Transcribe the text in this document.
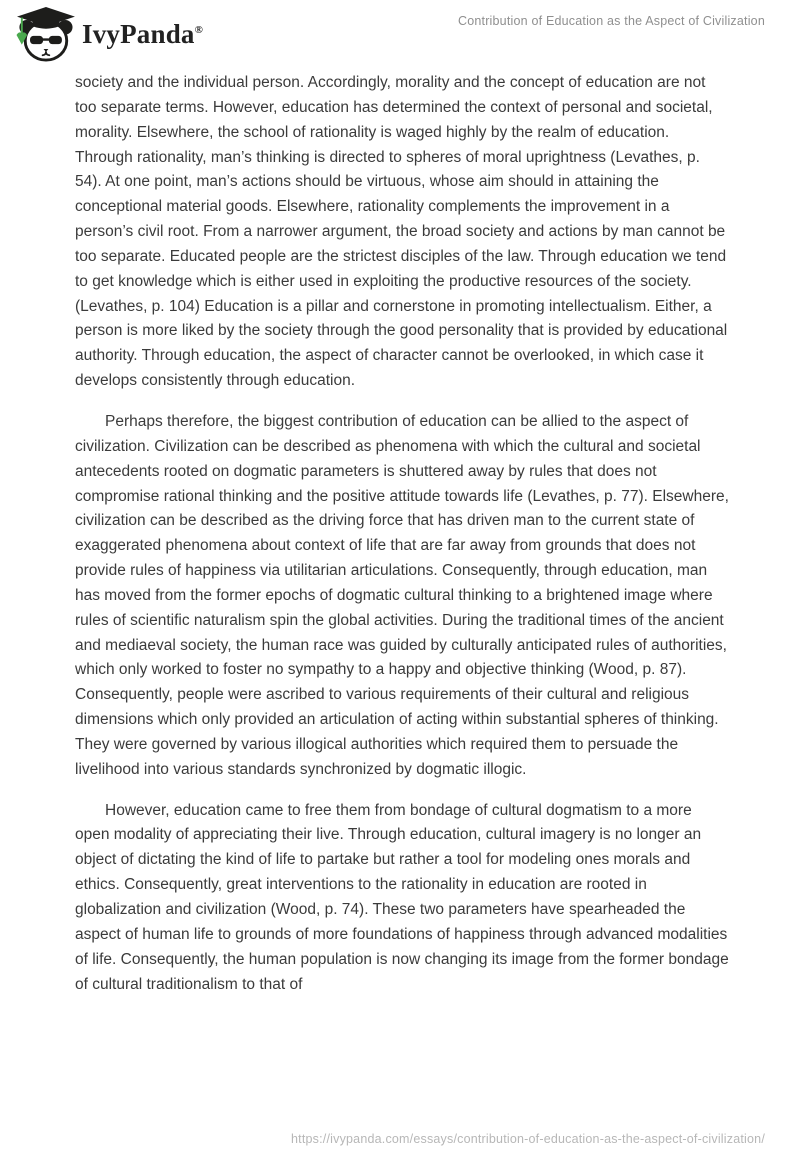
IvyPanda®
Contribution of Education as the Aspect of Civilization

society and the individual person. Accordingly, morality and the concept of education are not too separate terms. However, education has determined the context of personal and societal, morality. Elsewhere, the school of rationality is waged highly by the realm of education. Through rationality, man’s thinking is directed to spheres of moral uprightness (Levathes, p. 54). At one point, man’s actions should be virtuous, whose aim should in attaining the conceptional material goods. Elsewhere, rationality complements the improvement in a person’s civil root. From a narrower argument, the broad society and actions by man cannot be too separate. Educated people are the strictest disciples of the law. Through education we tend to get knowledge which is either used in exploiting the productive resources of the society. (Levathes, p. 104) Education is a pillar and cornerstone in promoting intellectualism. Either, a person is more liked by the society through the good personality that is provided by educational authority. Through education, the aspect of character cannot be overlooked, in which case it develops consistently through education.

Perhaps therefore, the biggest contribution of education can be allied to the aspect of civilization. Civilization can be described as phenomena with which the cultural and societal antecedents rooted on dogmatic parameters is shuttered away by rules that does not compromise rational thinking and the positive attitude towards life (Levathes, p. 77). Elsewhere, civilization can be described as the driving force that has driven man to the current state of exaggerated phenomena about context of life that are far away from grounds that does not provide rules of happiness via utilitarian articulations. Consequently, through education, man has moved from the former epochs of dogmatic cultural thinking to a brightened image where rules of scientific naturalism spin the global activities. During the traditional times of the ancient and mediaeval society, the human race was guided by culturally anticipated rules of authorities, which only worked to foster no sympathy to a happy and objective thinking (Wood, p. 87). Consequently, people were ascribed to various requirements of their cultural and religious dimensions which only provided an articulation of acting within substantial spheres of thinking. They were governed by various illogical authorities which required them to persuade the livelihood into various standards synchronized by dogmatic illogic.

However, education came to free them from bondage of cultural dogmatism to a more open modality of appreciating their live. Through education, cultural imagery is no longer an object of dictating the kind of life to partake but rather a tool for modeling ones morals and ethics. Consequently, great interventions to the rationality in education are rooted in globalization and civilization (Wood, p. 74). These two parameters have spearheaded the aspect of human life to grounds of more foundations of happiness through advanced modalities of life. Consequently, the human population is now changing its image from the former bondage of cultural traditionalism to that of

https://ivypanda.com/essays/contribution-of-education-as-the-aspect-of-civilization/
